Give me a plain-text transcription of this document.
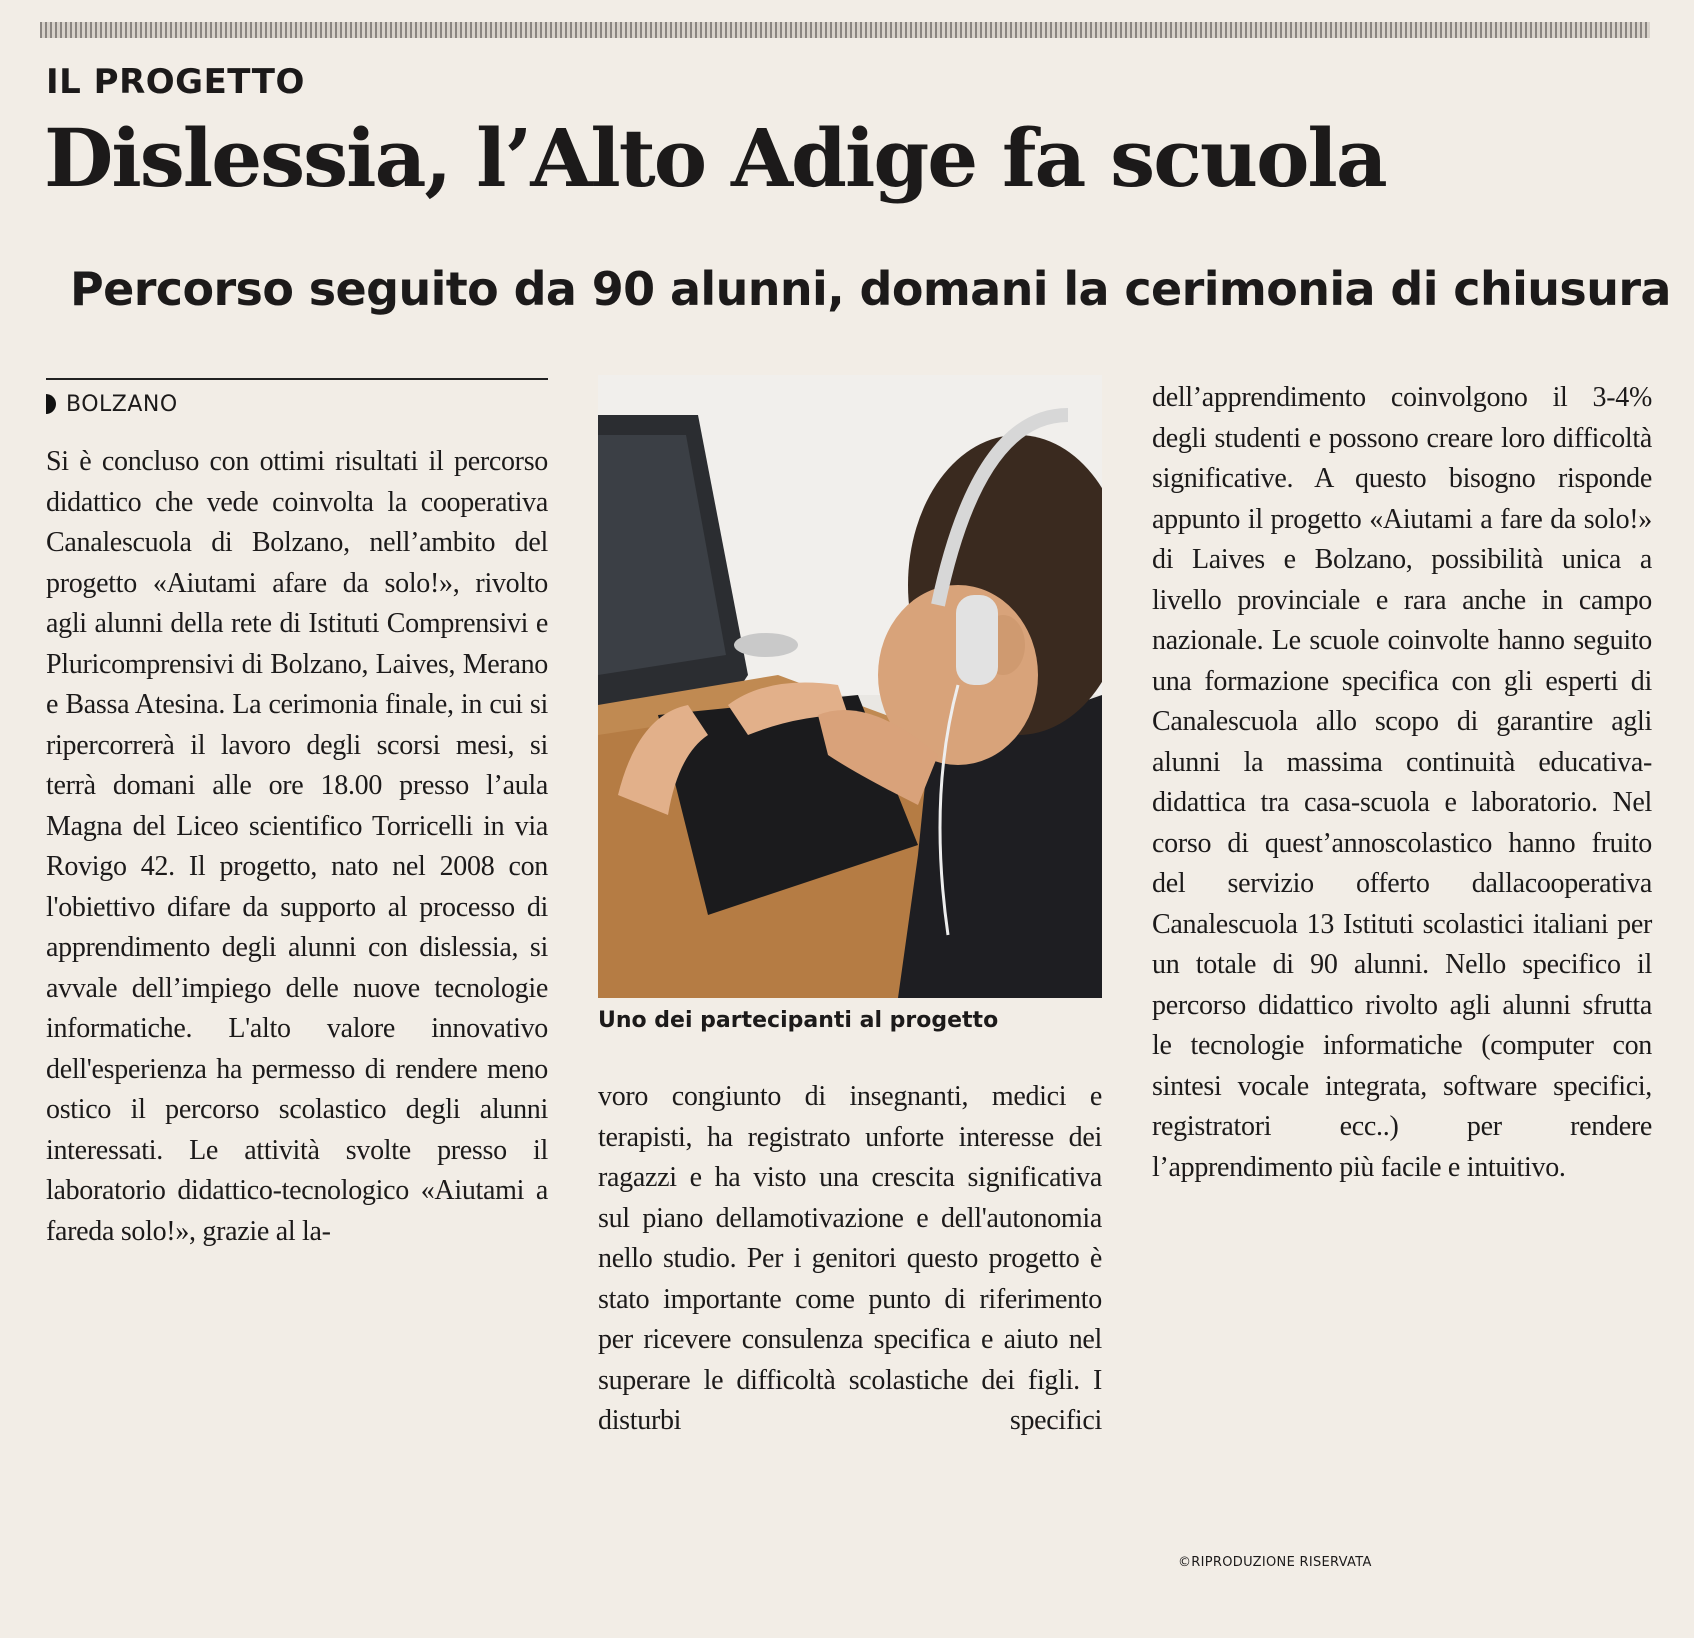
IL PROGETTO

Dislessia, l’Alto Adige fa scuola
Percorso seguito da 90 alunni, domani la cerimonia di chiusura
BOLZANO

Si è concluso con ottimi risultati il percorso didattico che vede coinvolta la cooperativa Canalescuola di Bolzano, nell’ambito del progetto «Aiutami afare da solo!», rivolto agli alunni della rete di Istituti Comprensivi e Pluricomprensivi di Bolzano, Laives, Merano e Bassa Atesina. La cerimonia finale, in cui si ripercorrerà il lavoro degli scorsi mesi, si terrà domani alle ore 18.00 presso l’aula Magna del Liceo scientifico Torricelli in via Rovigo 42. Il progetto, nato nel 2008 con l'obiettivo difare da supporto al processo di apprendimento degli alunni con dislessia, si avvale dell’impiego delle nuove tecnologie informatiche. L'alto valore innovativo dell'esperienza ha permesso di rendere meno ostico il percorso scolastico degli alunni interessati. Le attività svolte presso il laboratorio didattico-tecnologico «Aiutami a fareda solo!», grazie al la-

Uno dei partecipanti al progetto

voro congiunto di insegnanti, medici e terapisti, ha registrato unforte interesse dei ragazzi e ha visto una crescita significativa sul piano dellamotivazione e dell'autonomia nello studio. Per i genitori questo progetto è stato importante come punto di riferimento per ricevere consulenza specifica e aiuto nel superare le difficoltà scolastiche dei figli. I disturbi specifici

dell’apprendimento coinvolgono il 3-4% degli studenti e possono creare loro difficoltà significative. A questo bisogno risponde appunto il progetto «Aiutami a fare da solo!» di Laives e Bolzano, possibilità unica a livello provinciale e rara anche in campo nazionale. Le scuole coinvolte hanno seguito una formazione specifica con gli esperti di Canalescuola allo scopo di garantire agli alunni la massima continuità educativa-didattica tra casa-scuola e laboratorio. Nel corso di quest’annoscolastico hanno fruito del servizio offerto dallacooperativa Canalescuola 13 Istituti scolastici italiani per un totale di 90 alunni. Nello specifico il percorso didattico rivolto agli alunni sfrutta le tecnologie informatiche (computer con sintesi vocale integrata, software specifici, registratori ecc..) per rendere l’apprendimento più facile e intuitivo.

©RIPRODUZIONE RISERVATA
